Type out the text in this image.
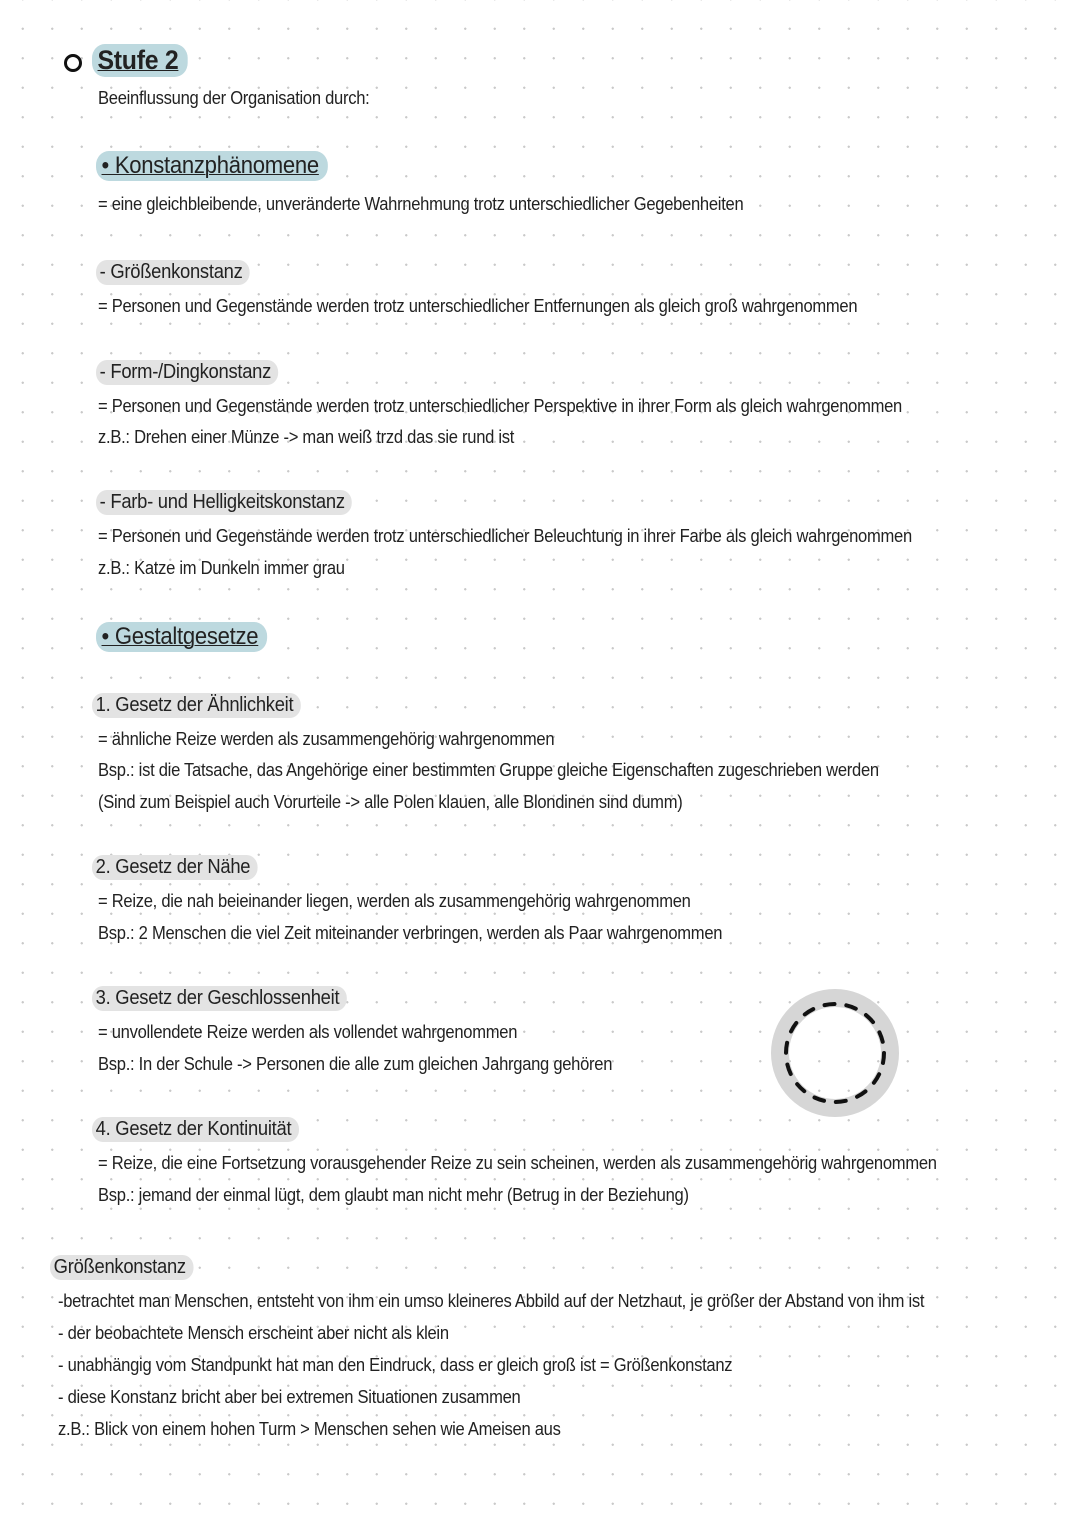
Stufe 2
Beeinflussung der Organisation durch:
• Konstanzphänomene
= eine gleichbleibende, unveränderte Wahrnehmung trotz unterschiedlicher Gegebenheiten
- Größenkonstanz
= Personen und Gegenstände werden trotz unterschiedlicher Entfernungen als gleich groß wahrgenommen
- Form-/Dingkonstanz
= Personen und Gegenstände werden trotz unterschiedlicher Perspektive in ihrer Form als gleich wahrgenommen
z.B.: Drehen einer Münze -> man weiß trzd das sie rund ist
- Farb- und Helligkeitskonstanz
= Personen und Gegenstände werden trotz unterschiedlicher Beleuchtung in ihrer Farbe als gleich wahrgenommen
z.B.: Katze im Dunkeln immer grau
• Gestaltgesetze
1. Gesetz der Ähnlichkeit
= ähnliche Reize werden als zusammengehörig wahrgenommen
Bsp.: ist die Tatsache, das Angehörige einer bestimmten Gruppe gleiche Eigenschaften zugeschrieben werden
(Sind zum Beispiel auch Vorurteile -> alle Polen klauen, alle Blondinen sind dumm)
2. Gesetz der Nähe
= Reize, die nah beieinander liegen, werden als zusammengehörig wahrgenommen
Bsp.: 2 Menschen die viel Zeit miteinander verbringen, werden als Paar wahrgenommen
3. Gesetz der Geschlossenheit
= unvollendete Reize werden als vollendet wahrgenommen
Bsp.: In der Schule -> Personen die alle zum gleichen Jahrgang gehören
4. Gesetz der Kontinuität
= Reize, die eine Fortsetzung vorausgehender Reize zu sein scheinen, werden als zusammengehörig wahrgenommen
Bsp.: jemand der einmal lügt, dem glaubt man nicht mehr (Betrug in der Beziehung)
Größenkonstanz
-betrachtet man Menschen, entsteht von ihm ein umso kleineres Abbild auf der Netzhaut, je größer der Abstand von ihm ist
- der beobachtete Mensch erscheint aber nicht als klein
- unabhängig vom Standpunkt hat man den Eindruck, dass er gleich groß ist = Größenkonstanz
- diese Konstanz bricht aber bei extremen Situationen zusammen
z.B.: Blick von einem hohen Turm > Menschen sehen wie Ameisen aus
